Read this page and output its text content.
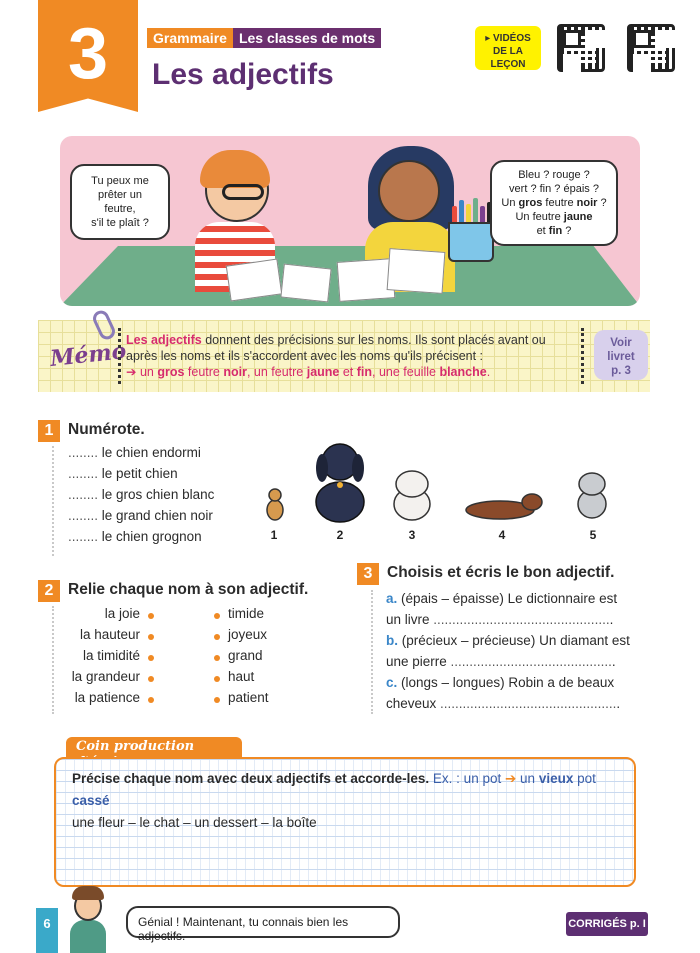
3	Grammaire Les classes de mots
Les adjectifs
▸ VIDÉOS
DE LA LEÇON
Tu peux me
prêter un feutre,
s'il te plaît ?
Bleu ? rouge ?
vert ? fin ? épais ?
Un gros feutre noir ?
Un feutre jaune
et fin ?
Mémo
Les adjectifs donnent des précisions sur les noms. Ils sont placés avant ou
après les noms et ils s'accordent avec les noms qu'ils précisent :
➔ un gros feutre noir, un feutre jaune et fin, une feuille blanche.
Voir
livret
p. 3
1 Numérote.
........ le chien endormi
........ le petit chien
........ le gros chien blanc
........ le grand chien noir
........ le chien grognon	1	2	3	4	5
2 Relie chaque nom à son adjectif.
la joie
la hauteur
la timidité
la grandeur
la patience
timide
joyeux
grand
haut
patient
3 Choisis et écris le bon adjectif.
a. (épais – épaisse) Le dictionnaire est
un livre ................................................
b. (précieux – précieuse) Un diamant est
une pierre ............................................
c. (longs – longues) Robin a de beaux
cheveux ................................................
Coin production
Précise chaque nom avec deux adjectifs et accorde-les. Ex. : un pot ➔ un vieux pot cassé
une fleur – le chat – un dessert – la boîte
6	Génial ! Maintenant, tu connais bien les adjectifs.
CORRIGÉS p. I
